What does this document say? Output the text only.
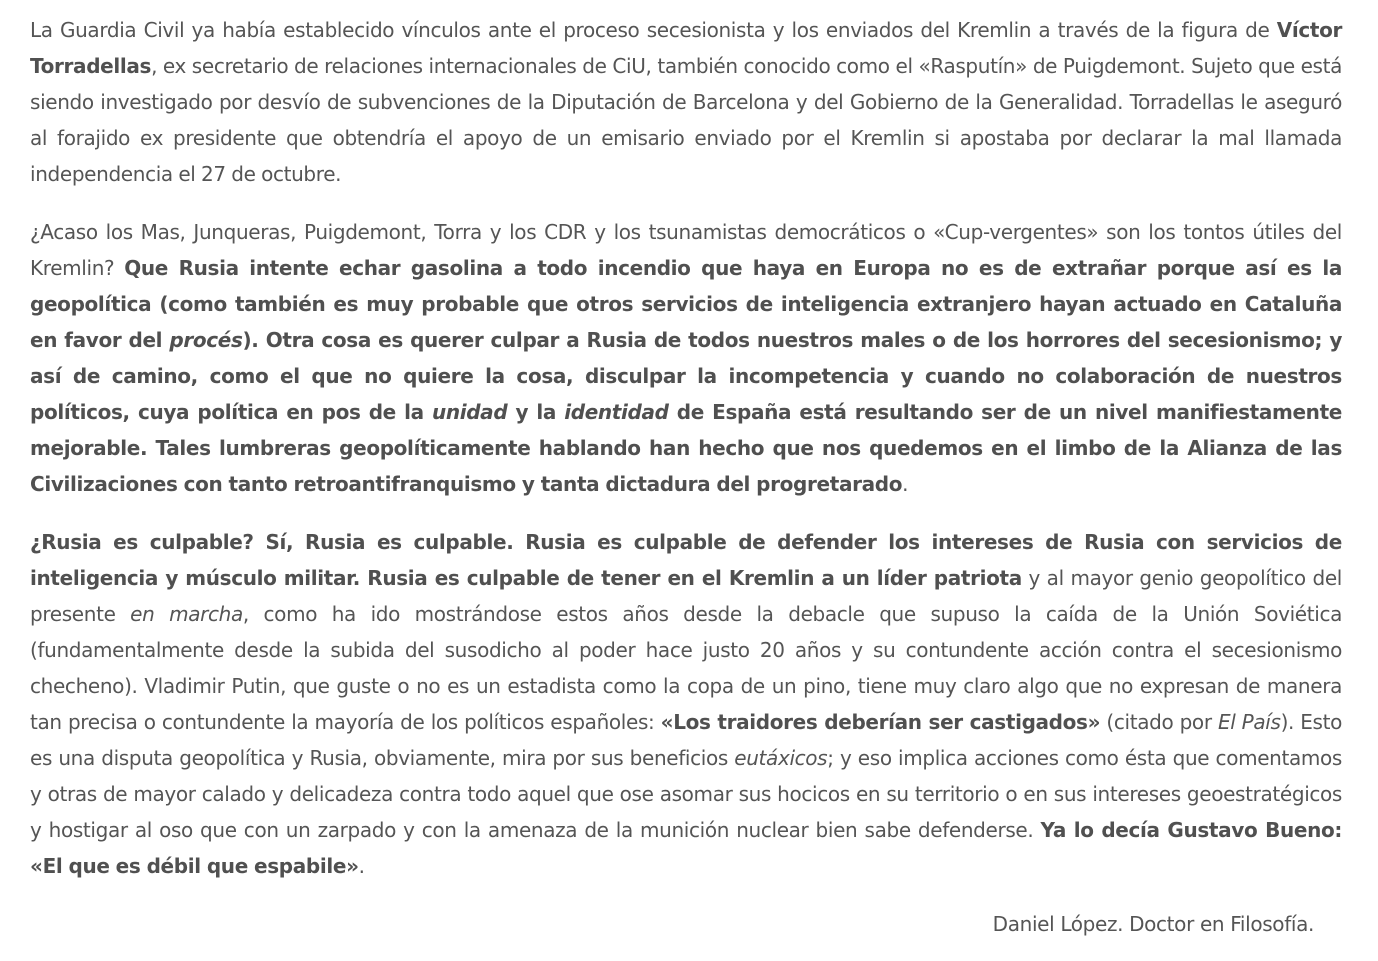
La Guardia Civil ya había establecido vínculos ante el proceso secesionista y los enviados del Kremlin a través de la figura de Víctor Torradellas, ex secretario de relaciones internacionales de CiU, también conocido como el «Rasputín» de Puigdemont. Sujeto que está siendo investigado por desvío de subvenciones de la Diputación de Barcelona y del Gobierno de la Generalidad. Torradellas le aseguró al forajido ex presidente que obtendría el apoyo de un emisario enviado por el Kremlin si apostaba por declarar la mal llamada independencia el 27 de octubre.

¿Acaso los Mas, Junqueras, Puigdemont, Torra y los CDR y los tsunamistas democráticos o «Cup-vergentes» son los tontos útiles del Kremlin? Que Rusia intente echar gasolina a todo incendio que haya en Europa no es de extrañar porque así es la geopolítica (como también es muy probable que otros servicios de inteligencia extranjero hayan actuado en Cataluña en favor del procés). Otra cosa es querer culpar a Rusia de todos nuestros males o de los horrores del secesionismo; y así de camino, como el que no quiere la cosa, disculpar la incompetencia y cuando no colaboración de nuestros políticos, cuya política en pos de la unidad y la identidad de España está resultando ser de un nivel manifiestamente mejorable. Tales lumbreras geopolíticamente hablando han hecho que nos quedemos en el limbo de la Alianza de las Civilizaciones con tanto retroantifranquismo y tanta dictadura del progretarado.

¿Rusia es culpable? Sí, Rusia es culpable. Rusia es culpable de defender los intereses de Rusia con servicios de inteligencia y músculo militar. Rusia es culpable de tener en el Kremlin a un líder patriota y al mayor genio geopolítico del presente en marcha, como ha ido mostrándose estos años desde la debacle que supuso la caída de la Unión Soviética (fundamentalmente desde la subida del susodicho al poder hace justo 20 años y su contundente acción contra el secesionismo checheno). Vladimir Putin, que guste o no es un estadista como la copa de un pino, tiene muy claro algo que no expresan de manera tan precisa o contundente la mayoría de los políticos españoles: «Los traidores deberían ser castigados» (citado por El País). Esto es una disputa geopolítica y Rusia, obviamente, mira por sus beneficios eutáxicos; y eso implica acciones como ésta que comentamos y otras de mayor calado y delicadeza contra todo aquel que ose asomar sus hocicos en su territorio o en sus intereses geoestratégicos y hostigar al oso que con un zarpado y con la amenaza de la munición nuclear bien sabe defenderse. Ya lo decía Gustavo Bueno: «El que es débil que espabile».

Daniel López. Doctor en Filosofía.
